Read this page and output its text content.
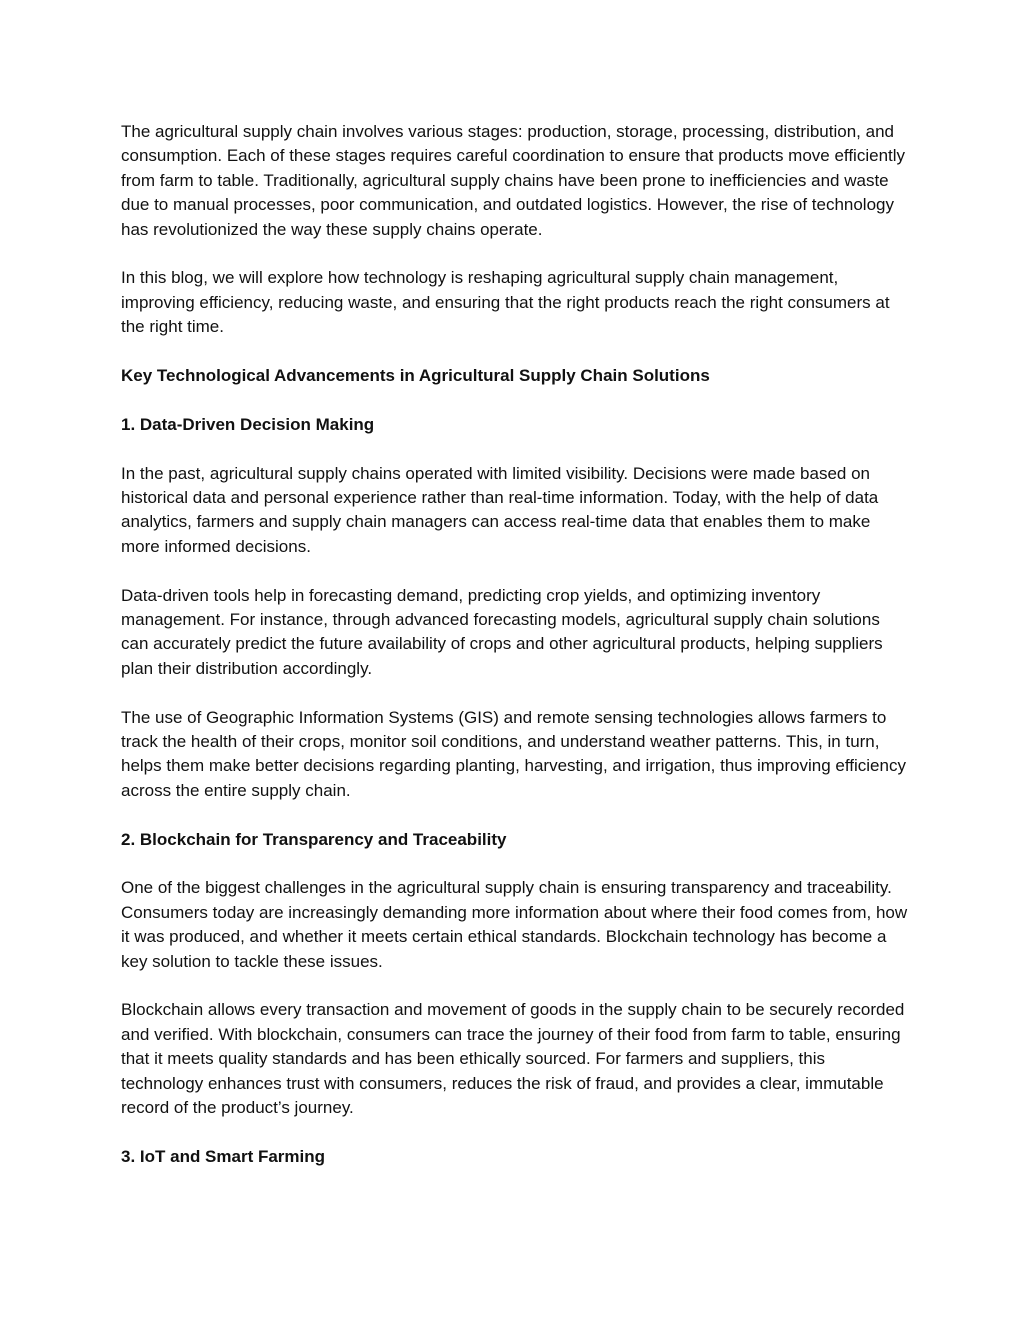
The agricultural supply chain involves various stages: production, storage, processing, distribution, and consumption. Each of these stages requires careful coordination to ensure that products move efficiently from farm to table. Traditionally, agricultural supply chains have been prone to inefficiencies and waste due to manual processes, poor communication, and outdated logistics. However, the rise of technology has revolutionized the way these supply chains operate.

In this blog, we will explore how technology is reshaping agricultural supply chain management, improving efficiency, reducing waste, and ensuring that the right products reach the right consumers at the right time.

Key Technological Advancements in Agricultural Supply Chain Solutions

1. Data-Driven Decision Making

In the past, agricultural supply chains operated with limited visibility. Decisions were made based on historical data and personal experience rather than real-time information. Today, with the help of data analytics, farmers and supply chain managers can access real-time data that enables them to make more informed decisions.

Data-driven tools help in forecasting demand, predicting crop yields, and optimizing inventory management. For instance, through advanced forecasting models, agricultural supply chain solutions can accurately predict the future availability of crops and other agricultural products, helping suppliers plan their distribution accordingly.

The use of Geographic Information Systems (GIS) and remote sensing technologies allows farmers to track the health of their crops, monitor soil conditions, and understand weather patterns. This, in turn, helps them make better decisions regarding planting, harvesting, and irrigation, thus improving efficiency across the entire supply chain.

2. Blockchain for Transparency and Traceability

One of the biggest challenges in the agricultural supply chain is ensuring transparency and traceability. Consumers today are increasingly demanding more information about where their food comes from, how it was produced, and whether it meets certain ethical standards. Blockchain technology has become a key solution to tackle these issues.

Blockchain allows every transaction and movement of goods in the supply chain to be securely recorded and verified. With blockchain, consumers can trace the journey of their food from farm to table, ensuring that it meets quality standards and has been ethically sourced. For farmers and suppliers, this technology enhances trust with consumers, reduces the risk of fraud, and provides a clear, immutable record of the product’s journey.

3. IoT and Smart Farming
